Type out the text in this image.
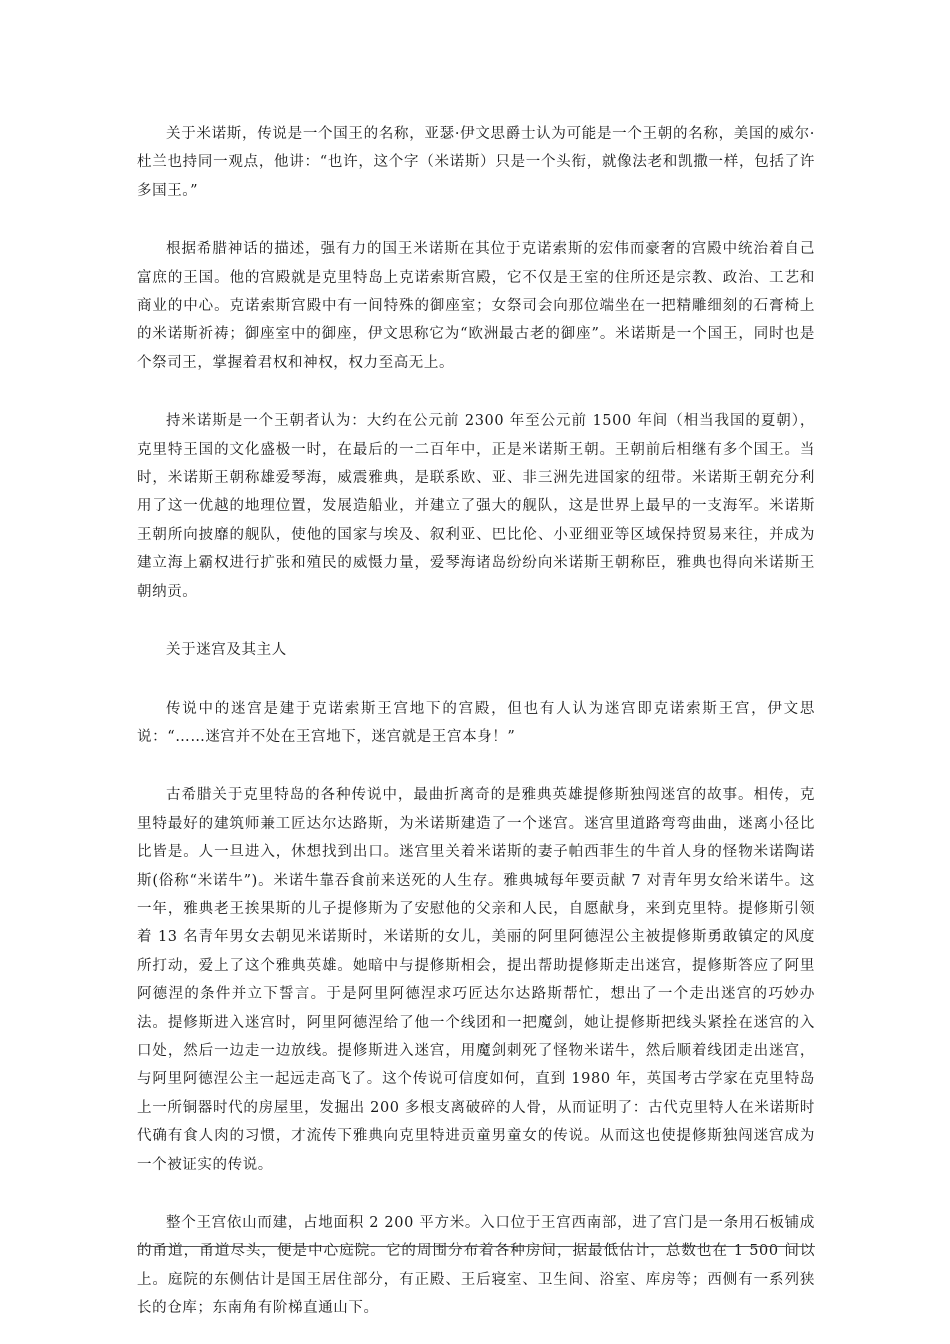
关于米诺斯，传说是一个国王的名称，亚瑟·伊文思爵士认为可能是一个王朝的名称，美国的威尔·杜兰也持同一观点，他讲：“也许，这个字（米诺斯）只是一个头衔，就像法老和凯撒一样，包括了许多国王。”

根据希腊神话的描述，强有力的国王米诺斯在其位于克诺索斯的宏伟而豪奢的宫殿中统治着自己富庶的王国。他的宫殿就是克里特岛上克诺索斯宫殿，它不仅是王室的住所还是宗教、政治、工艺和商业的中心。克诺索斯宫殿中有一间特殊的御座室；女祭司会向那位端坐在一把精雕细刻的石膏椅上的米诺斯祈祷；御座室中的御座，伊文思称它为“欧洲最古老的御座”。米诺斯是一个国王，同时也是个祭司王，掌握着君权和神权，权力至高无上。

持米诺斯是一个王朝者认为：大约在公元前 2300 年至公元前 1500 年间（相当我国的夏朝），克里特王国的文化盛极一时，在最后的一二百年中，正是米诺斯王朝。王朝前后相继有多个国王。当时，米诺斯王朝称雄爱琴海，威震雅典，是联系欧、亚、非三洲先进国家的纽带。米诺斯王朝充分利用了这一优越的地理位置，发展造船业，并建立了强大的舰队，这是世界上最早的一支海军。米诺斯王朝所向披靡的舰队，使他的国家与埃及、叙利亚、巴比伦、小亚细亚等区域保持贸易来往，并成为建立海上霸权进行扩张和殖民的威慑力量，爱琴海诸岛纷纷向米诺斯王朝称臣，雅典也得向米诺斯王朝纳贡。

关于迷宫及其主人

传说中的迷宫是建于克诺索斯王宫地下的宫殿，但也有人认为迷宫即克诺索斯王宫，伊文思说：“……迷宫并不处在王宫地下，迷宫就是王宫本身！”

古希腊关于克里特岛的各种传说中，最曲折离奇的是雅典英雄提修斯独闯迷宫的故事。相传，克里特最好的建筑师兼工匠达尔达路斯，为米诺斯建造了一个迷宫。迷宫里道路弯弯曲曲，迷离小径比比皆是。人一旦进入，休想找到出口。迷宫里关着米诺斯的妻子帕西菲生的牛首人身的怪物米诺陶诺斯(俗称“米诺牛”)。米诺牛靠吞食前来送死的人生存。雅典城每年要贡献 7 对青年男女给米诺牛。这一年，雅典老王挨果斯的儿子提修斯为了安慰他的父亲和人民，自愿献身，来到克里特。提修斯引领着 13 名青年男女去朝见米诺斯时，米诺斯的女儿，美丽的阿里阿德涅公主被提修斯勇敢镇定的风度所打动，爱上了这个雅典英雄。她暗中与提修斯相会，提出帮助提修斯走出迷宫，提修斯答应了阿里阿德涅的条件并立下誓言。于是阿里阿德涅求巧匠达尔达路斯帮忙，想出了一个走出迷宫的巧妙办法。提修斯进入迷宫时，阿里阿德涅给了他一个线团和一把魔剑，她让提修斯把线头紧拴在迷宫的入口处，然后一边走一边放线。提修斯进入迷宫，用魔剑刺死了怪物米诺牛，然后顺着线团走出迷宫，与阿里阿德涅公主一起远走高飞了。这个传说可信度如何，直到 1980 年，英国考古学家在克里特岛上一所铜器时代的房屋里，发掘出 200 多根支离破碎的人骨，从而证明了：古代克里特人在米诺斯时代确有食人肉的习惯，才流传下雅典向克里特进贡童男童女的传说。从而这也使提修斯独闯迷宫成为一个被证实的传说。

整个王宫依山而建，占地面积 2 200 平方米。入口位于王宫西南部，进了宫门是一条用石板铺成的甬道，甬道尽头，便是中心庭院。它的周围分布着各种房间，据最低估计，总数也在 1 500 间以上。庭院的东侧估计是国王居住部分，有正殿、王后寝室、卫生间、浴室、库房等；西侧有一系列狭长的仓库；东南角有阶梯直通山下。
